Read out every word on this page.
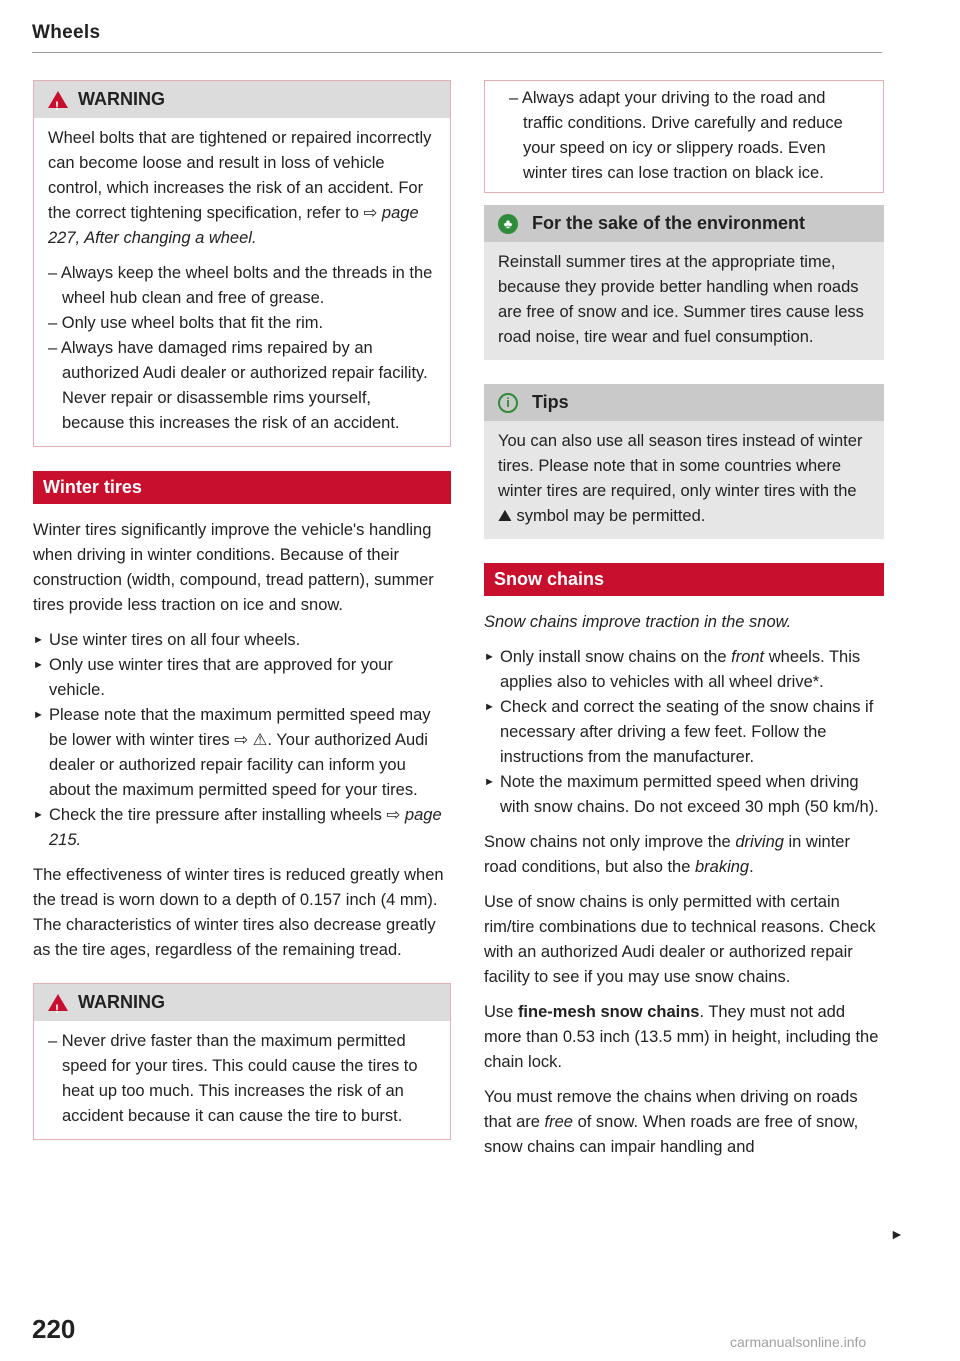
Wheels
!
WARNING

Wheel bolts that are tightened or repaired incorrectly can become loose and result in loss of vehicle control, which increases the risk of an accident. For the correct tightening specification, refer to ⇨ page 227, After changing a wheel.

– Always keep the wheel bolts and the threads in the wheel hub clean and free of grease.

– Only use wheel bolts that fit the rim.

– Always have damaged rims repaired by an authorized Audi dealer or authorized repair facility. Never repair or disassemble rims yourself, because this increases the risk of an accident.

Winter tires

Winter tires significantly improve the vehicle's handling when driving in winter conditions. Because of their construction (width, compound, tread pattern), summer tires provide less traction on ice and snow.

► Use winter tires on all four wheels.

► Only use winter tires that are approved for your vehicle.

► Please note that the maximum permitted speed may be lower with winter tires ⇨ ⚠. Your authorized Audi dealer or authorized repair facility can inform you about the maximum permitted speed for your tires.

► Check the tire pressure after installing wheels ⇨ page 215.

The effectiveness of winter tires is reduced greatly when the tread is worn down to a depth of 0.157 inch (4 mm). The characteristics of winter tires also decrease greatly as the tire ages, regardless of the remaining tread.

!
WARNING

– Never drive faster than the maximum permitted speed for your tires. This could cause the tires to heat up too much. This increases the risk of an accident because it can cause the tire to burst.

– Always adapt your driving to the road and traffic conditions. Drive carefully and reduce your speed on icy or slippery roads. Even winter tires can lose traction on black ice.

♣	For the sake of the environment
Reinstall summer tires at the appropriate time, because they provide better handling when roads are free of snow and ice. Summer tires cause less road noise, tire wear and fuel consumption.
i	Tips
You can also use all season tires instead of winter tires. Please note that in some countries where winter tires are required, only winter tires with the ⛰ symbol may be permitted.
Snow chains

Snow chains improve traction in the snow.

► Only install snow chains on the front wheels. This applies also to vehicles with all wheel drive*.

► Check and correct the seating of the snow chains if necessary after driving a few feet. Follow the instructions from the manufacturer.

► Note the maximum permitted speed when driving with snow chains. Do not exceed 30 mph (50 km/h).

Snow chains not only improve the driving in winter road conditions, but also the braking.

Use of snow chains is only permitted with certain rim/tire combinations due to technical reasons. Check with an authorized Audi dealer or authorized repair facility to see if you may use snow chains.

Use fine-mesh snow chains. They must not add more than 0.53 inch (13.5 mm) in height, including the chain lock.

You must remove the chains when driving on roads that are free of snow. When roads are free of snow, snow chains can impair handling and

►
220	carmanualsonline.info
